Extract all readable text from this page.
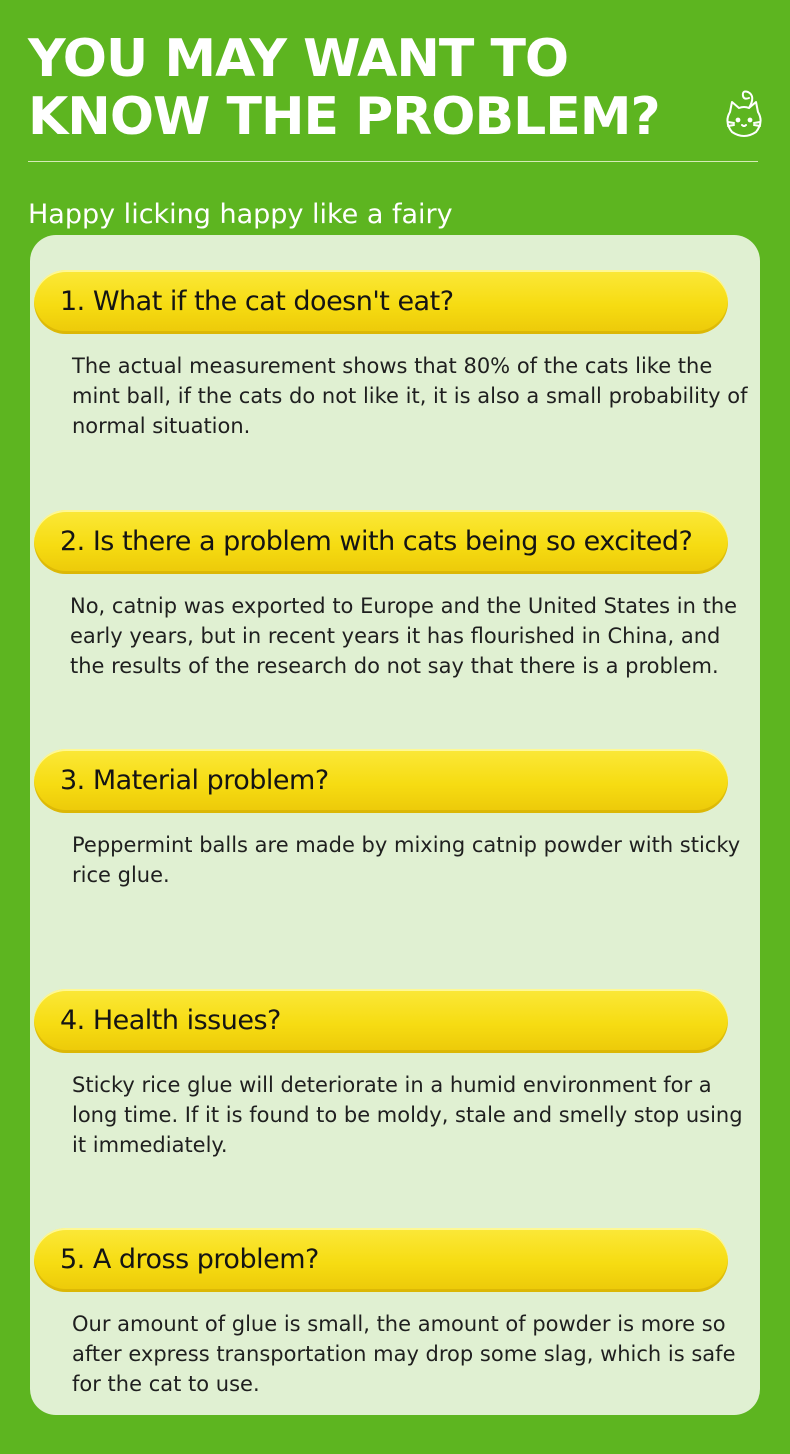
YOU MAY WANT TO
KNOW THE PROBLEM?

Happy licking happy like a fairy

1. What if the cat doesn't eat?

The actual measurement shows that 80% of the cats like the mint ball, if the cats do not like it, it is also a small probability of normal situation.

2. Is there a problem with cats being so excited?

No, catnip was exported to Europe and the United States in the early years, but in recent years it has flourished in China, and the results of the research do not say that there is a problem.

3. Material problem?

Peppermint balls are made by mixing catnip powder with sticky rice glue.

4. Health issues?

Sticky rice glue will deteriorate in a humid environment for a long time. If it is found to be moldy, stale and smelly stop using it immediately.

5. A dross problem?

Our amount of glue is small, the amount of powder is more so after express transportation may drop some slag, which is safe for the cat to use.
